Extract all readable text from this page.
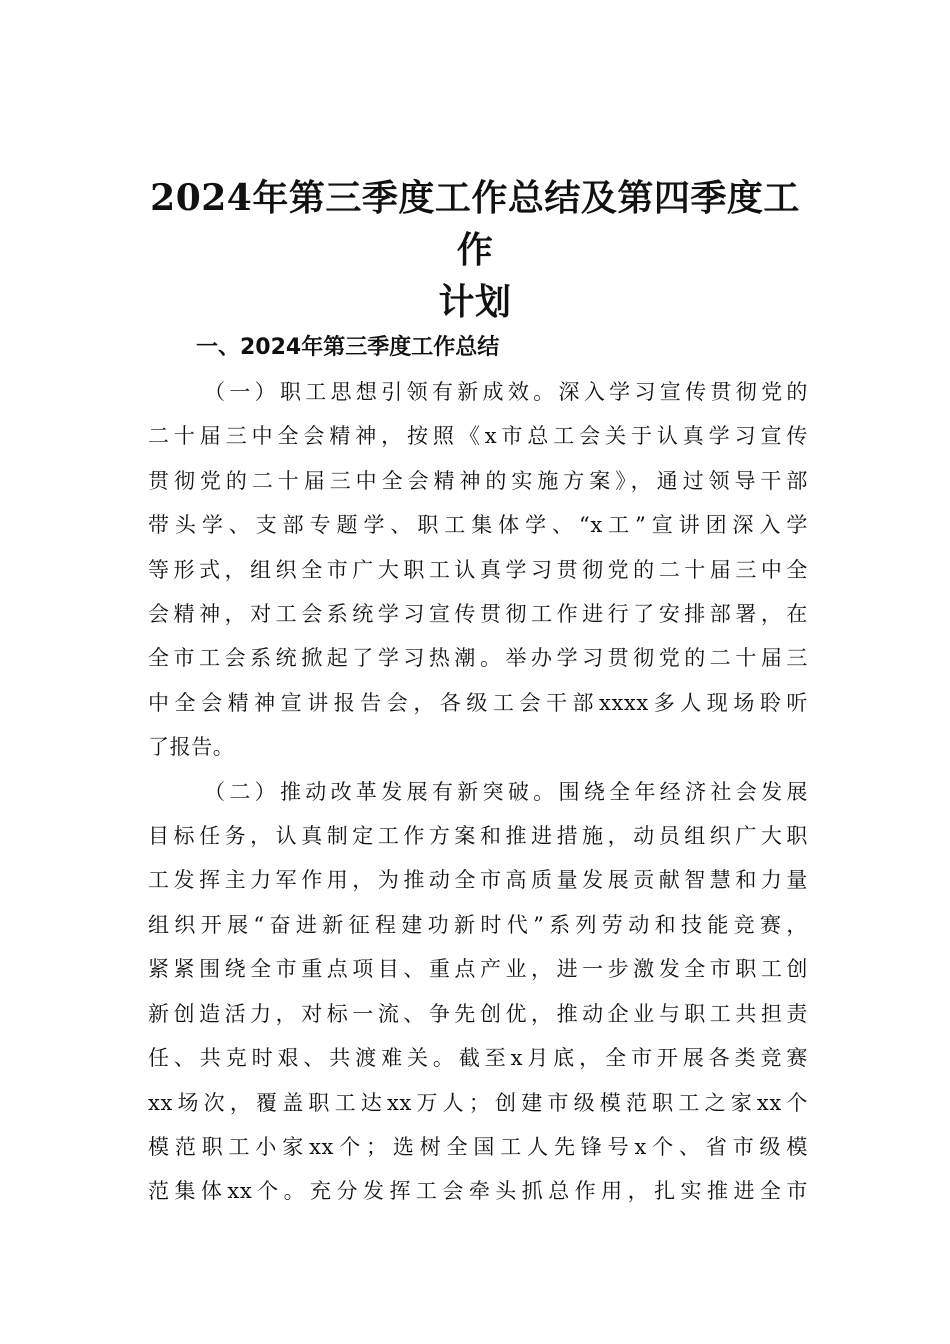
2024年第三季度工作总结及第四季度工作
计划

一、2024年第三季度工作总结

（一）职工思想引领有新成效。深入学习宣传贯彻党的
二十届三中全会精神，按照《x市总工会关于认真学习宣传
贯彻党的二十届三中全会精神的实施方案》，通过领导干部
带头学、支部专题学、职工集体学、“x工”宣讲团深入学
等形式，组织全市广大职工认真学习贯彻党的二十届三中全
会精神，对工会系统学习宣传贯彻工作进行了安排部署，在
全市工会系统掀起了学习热潮。举办学习贯彻党的二十届三
中全会精神宣讲报告会，各级工会干部xxxx多人现场聆听
了报告。

（二）推动改革发展有新突破。围绕全年经济社会发展
目标任务，认真制定工作方案和推进措施，动员组织广大职
工发挥主力军作用，为推动全市高质量发展贡献智慧和力量
组织开展“奋进新征程建功新时代”系列劳动和技能竞赛，
紧紧围绕全市重点项目、重点产业，进一步激发全市职工创
新创造活力，对标一流、争先创优，推动企业与职工共担责
任、共克时艰、共渡难关。截至x月底，全市开展各类竞赛
xx场次，覆盖职工达xx万人；创建市级模范职工之家xx个
模范职工小家xx个；选树全国工人先锋号x个、省市级模
范集体xx个。充分发挥工会牵头抓总作用，扎实推进全市
